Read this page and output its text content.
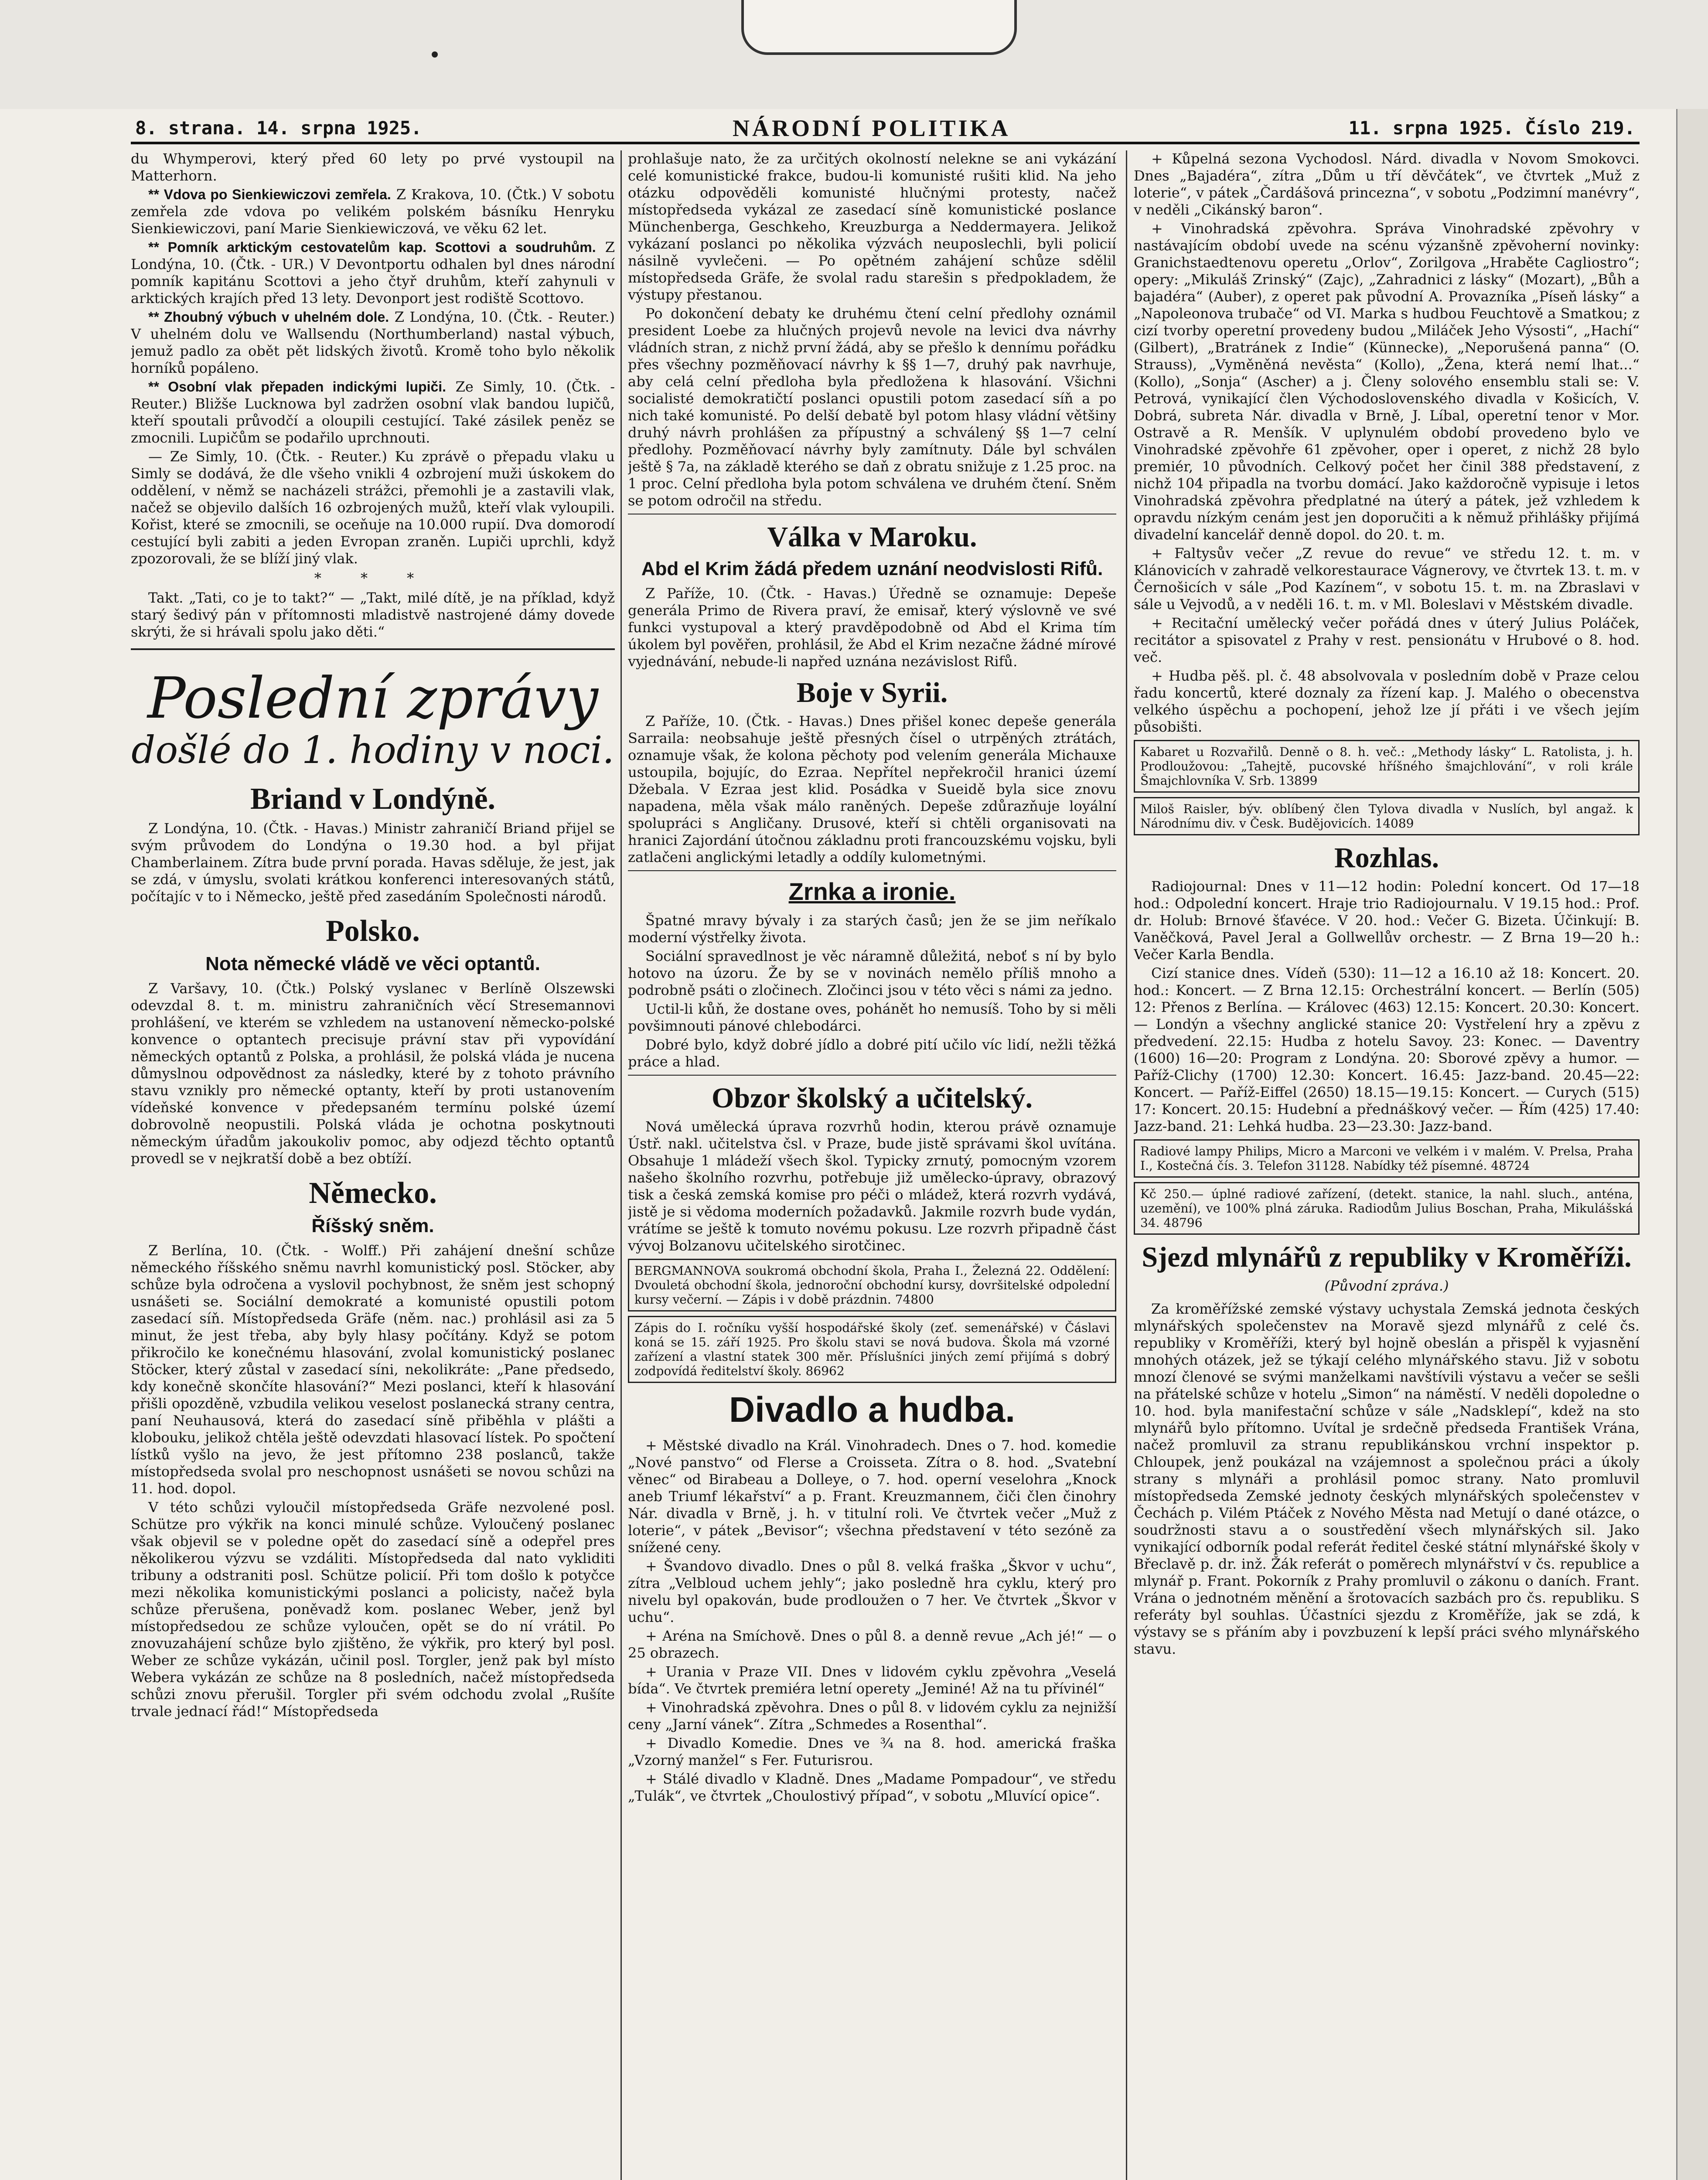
8. strana. 14. srpna 1925.	NÁRODNÍ POLITIKA	11. srpna 1925. Číslo 219.

du Whymperovi, který před 60 lety po prvé vystoupil na Matterhorn.

** Vdova po Sienkiewiczovi zemřela. Z Krakova, 10. (Čtk.) V sobotu zemřela zde vdova po velikém polském básníku Henryku Sienkiewiczovi, paní Marie Sienkiewiczová, ve věku 62 let.

** Pomník arktickým cestovatelům kap. Scottovi a soudruhům. Z Londýna, 10. (Čtk. - UR.) V Devontportu odhalen byl dnes národní pomník kapitánu Scottovi a jeho čtyř druhům, kteří zahynuli v arktických krajích před 13 lety. Devonport jest rodiště Scottovo.

** Zhoubný výbuch v uhelném dole. Z Londýna, 10. (Čtk. - Reuter.) V uhelném dolu ve Wallsendu (Northumberland) nastal výbuch, jemuž padlo za obět pět lidských životů. Kromě toho bylo několik horníků popáleno.

** Osobní vlak přepaden indickými lupiči. Ze Simly, 10. (Čtk. - Reuter.) Bližše Lucknowa byl zadržen osobní vlak bandou lupičů, kteří spoutali průvodčí a oloupili cestující. Také zásilek peněz se zmocnili. Lupičům se podařilo uprchnouti.

— Ze Simly, 10. (Čtk. - Reuter.) Ku zprávě o přepadu vlaku u Simly se dodává, že dle všeho vnikli 4 ozbrojení muži úskokem do oddělení, v němž se nacházeli strážci, přemohli je a zastavili vlak, načež se objevilo dalších 16 ozbrojených mužů, kteří vlak vyloupili. Kořist, které se zmocnili, se oceňuje na 10.000 rupií. Dva domorodí cestující byli zabiti a jeden Evropan zraněn. Lupiči uprchli, když zpozorovali, že se blíží jiný vlak.

* * *

Takt. „Tati, co je to takt?“ — „Takt, milé dítě, je na příklad, když starý šedivý pán v přítomnosti mladistvě nastrojené dámy dovede skrýti, že si hrávali spolu jako děti.“

Poslední zprávy
došlé do 1. hodiny v noci.
Briand v Londýně.

Z Londýna, 10. (Čtk. - Havas.) Ministr zahraničí Briand přijel se svým průvodem do Londýna o 19.30 hod. a byl přijat Chamberlainem. Zítra bude první porada. Havas sděluje, že jest, jak se zdá, v úmyslu, svolati krátkou konferenci interesovaných států, počítajíc v to i Německo, ještě před zasedáním Společnosti národů.

Polsko.
Nota německé vládě ve věci optantů.

Z Varšavy, 10. (Čtk.) Polský vyslanec v Berlíně Olszewski odevzdal 8. t. m. ministru zahraničních věcí Stresemannovi prohlášení, ve kterém se vzhledem na ustanovení německo-polské konvence o optantech precisuje právní stav při vypovídání německých optantů z Polska, a prohlásil, že polská vláda je nucena důmyslnou odpovědnost za následky, které by z tohoto právního stavu vznikly pro německé optanty, kteří by proti ustanovením vídeňské konvence v předepsaném termínu polské území dobrovolně neopustili. Polská vláda je ochotna poskytnouti německým úřadům jakoukoliv pomoc, aby odjezd těchto optantů provedl se v nejkratší době a bez obtíží.

Německo.
Říšský sněm.

Z Berlína, 10. (Čtk. - Wolff.) Při zahájení dnešní schůze německého říšského sněmu navrhl komunistický posl. Stöcker, aby schůze byla odročena a vyslovil pochybnost, že sněm jest schopný usnášeti se. Sociální demokraté a komunisté opustili potom zasedací síň. Místopředseda Gräfe (něm. nac.) prohlásil asi za 5 minut, že jest třeba, aby byly hlasy počítány. Když se potom přikročilo ke konečnému hlasování, zvolal komunistický poslanec Stöcker, který zůstal v zasedací síni, nekolikráte: „Pane předsedo, kdy konečně skončíte hlasování?“ Mezi poslanci, kteří k hlasování přišli opozděně, vzbudila velikou veselost poslanecká strany centra, paní Neuhausová, která do zasedací síně přiběhla v plášti a klobouku, jelikož chtěla ještě odevzdati hlasovací lístek. Po spočtení lístků vyšlo na jevo, že jest přítomno 238 poslanců, takže místopředseda svolal pro neschopnost usnášeti se novou schůzi na 11. hod. dopol.

V této schůzi vyloučil místopředseda Gräfe nezvolené posl. Schütze pro výkřik na konci minulé schůze. Vyloučený poslanec však objevil se v poledne opět do zasedací síně a odepřel pres několikerou výzvu se vzdáliti. Místopředseda dal nato vykliditi tribuny a odstraniti posl. Schütze policií. Při tom došlo k potyčce mezi několika komunistickými poslanci a policisty, načež byla schůze přerušena, poněvadž kom. poslanec Weber, jenž byl místopředsedou ze schůze vyloučen, opět se do ní vrátil. Po znovuzahájení schůze bylo zjištěno, že výkřik, pro který byl posl. Weber ze schůze vykázán, učinil posl. Torgler, jenž pak byl místo Webera vykázán ze schůze na 8 posledních, načež místopředseda schůzi znovu přerušil. Torgler při svém odchodu zvolal „Rušíte trvale jednací řád!“ Místopředseda

prohlašuje nato, že za určitých okolností nelekne se ani vykázání celé komunistické frakce, budou-li komunisté rušiti klid. Na jeho otázku odpověděli komunisté hlučnými protesty, načež místopředseda vykázal ze zasedací síně komunistické poslance Münchenberga, Geschkeho, Kreuzburga a Neddermayera. Jelikož vykázaní poslanci po několika výzvách neuposlechli, byli policií násilně vyvlečeni. — Po opětném zahájení schůze sdělil místopředseda Gräfe, že svolal radu starešin s předpokladem, že výstupy přestanou.

Po dokončení debaty ke druhému čtení celní předlohy oznámil president Loebe za hlučných projevů nevole na levici dva návrhy vládních stran, z nichž první žádá, aby se přešlo k dennímu pořádku přes všechny pozměňovací návrhy k §§ 1—7, druhý pak navrhuje, aby celá celní předloha byla předložena k hlasování. Všichni socialisté demokratičtí poslanci opustili potom zasedací síň a po nich také komunisté. Po delší debatě byl potom hlasy vládní většiny druhý návrh prohlášen za přípustný a schválený §§ 1—7 celní předlohy. Pozměňovací návrhy byly zamítnuty. Dále byl schválen ještě § 7a, na základě kterého se daň z obratu snižuje z 1.25 proc. na 1 proc. Celní předloha byla potom schválena ve druhém čtení. Sněm se potom odročil na středu.

Válka v Maroku.
Abd el Krim žádá předem uznání neodvislosti Rifů.

Z Paříže, 10. (Čtk. - Havas.) Úředně se oznamuje: Depeše generála Primo de Rivera praví, že emisař, který výslovně ve své funkci vystupoval a který pravděpodobně od Abd el Krima tím úkolem byl pověřen, prohlásil, že Abd el Krim nezačne žádné mírové vyjednávání, nebude-li napřed uznána nezávislost Rifů.

Boje v Syrii.

Z Paříže, 10. (Čtk. - Havas.) Dnes přišel konec depeše generála Sarraila: neobsahuje ještě přesných čísel o utrpěných ztrátách, oznamuje však, že kolona pěchoty pod velením generála Michauxe ustoupila, bojujíc, do Ezraa. Nepřítel nepřekročil hranici území Džebala. V Ezraa jest klid. Posádka v Sueidě byla sice znovu napadena, měla však málo raněných. Depeše zdůrazňuje loyální spolupráci s Angličany. Drusové, kteří si chtěli organisovati na hranici Zajordání útočnou základnu proti francouzskému vojsku, byli zatlačeni anglickými letadly a oddíly kulometnými.

Zrnka a ironie.

Špatné mravy bývaly i za starých časů; jen že se jim neříkalo moderní výstřelky života.

Sociální spravedlnost je věc náramně důležitá, neboť s ní by bylo hotovo na úzoru. Že by se v novinách nemělo příliš mnoho a podrobně psáti o zločinech. Zločinci jsou v této věci s námi za jedno.

Uctil-li kůň, že dostane oves, pohánět ho nemusíš. Toho by si měli povšimnouti pánové chlebodárci.

Dobré bylo, když dobré jídlo a dobré pití učilo víc lidí, nežli těžká práce a hlad.

Obzor školský a učitelský.

Nová umělecká úprava rozvrhů hodin, kterou právě oznamuje Ústř. nakl. učitelstva čsl. v Praze, bude jistě správami škol uvítána. Obsahuje 1 mládeží všech škol. Typicky zrnutý, pomocným vzorem našeho školního rozvrhu, potřebuje již umělecko-úpravy, obrazový tisk a česká zemská komise pro péči o mládež, která rozvrh vydává, jistě je si vědoma moderních požadavků. Jakmile rozvrh bude vydán, vrátíme se ještě k tomuto novému pokusu. Lze rozvrh připadně část vývoj Bolzanovu učitelského sirotčinec.

BERGMANNOVA soukromá obchodní škola, Praha I., Železná 22. Oddělení: Dvouletá obchodní škola, jednoroční obchodní kursy, dovršitelské odpolední kursy večerní. — Zápis i v době prázdnin. 74800
Zápis do I. ročníku vyšší hospodářské školy (zeť. semenářské) v Čáslavi koná se 15. září 1925. Pro školu stavi se nová budova. Škola má vzorné zařízení a vlastní statek 300 měr. Příslušníci jiných zemí přijímá s dobrý zodpovídá ředitelství školy. 86962
Divadlo a hudba.

+ Městské divadlo na Král. Vinohradech. Dnes o 7. hod. komedie „Nové panstvo“ od Flerse a Croisseta. Zítra o 8. hod. „Svatební věnec“ od Birabeau a Dolleye, o 7. hod. operní veselohra „Knock aneb Triumf lékařství“ a p. Frant. Kreuzmannem, čiči člen činohry Nár. divadla v Brně, j. h. v titulní roli. Ve čtvrtek večer „Muž z loterie“, v pátek „Bevisor“; všechna představení v této sezóně za snížené ceny.

+ Švandovo divadlo. Dnes o půl 8. velká fraška „Škvor v uchu“, zítra „Velbloud uchem jehly“; jako posledně hra cyklu, který pro nivelu byl opakován, bude prodloužen o 7 her. Ve čtvrtek „Škvor v uchu“.

+ Aréna na Smíchově. Dnes o půl 8. a denně revue „Ach jé!“ — o 25 obrazech.

+ Urania v Praze VII. Dnes v lidovém cyklu zpěvohra „Veselá bída“. Ve čtvrtek premiéra letní operety „Jeminé! Až na tu přívinél“

+ Vinohradská zpěvohra. Dnes o půl 8. v lidovém cyklu za nejnižší ceny „Jarní vánek“. Zítra „Schmedes a Rosenthal“.

+ Divadlo Komedie. Dnes ve ¾ na 8. hod. americká fraška „Vzorný manžel“ s Fer. Futurisrou.

+ Stálé divadlo v Kladně. Dnes „Madame Pompadour“, ve středu „Tulák“, ve čtvrtek „Choulostivý případ“, v sobotu „Mluvící opice“.

+ Kůpelná sezona Vychodosl. Nárd. divadla v Novom Smokovci. Dnes „Bajadéra“, zítra „Dům u tří děvčátek“, ve čtvrtek „Muž z loterie“, v pátek „Čardášová princezna“, v sobotu „Podzimní manévry“, v neděli „Cikánský baron“.

+ Vinohradská zpěvohra. Správa Vinohradské zpěvohry v nastávajícím období uvede na scénu výzanšně zpěvoherní novinky: Granichstaedtenovu operetu „Orlov“, Zorilgova „Hraběte Cagliostro“; opery: „Mikuláš Zrinský“ (Zajc), „Zahradnici z lásky“ (Mozart), „Bůh a bajadéra“ (Auber), z operet pak původní A. Provazníka „Píseň lásky“ a „Napoleonova trubače“ od VI. Marka s hudbou Feuchtově a Smatkou; z cizí tvorby operetní provedeny budou „Miláček Jeho Výsosti“, „Hachí“ (Gilbert), „Bratránek z Indie“ (Künnecke), „Neporušená panna“ (O. Strauss), „Vyměněná nevěsta“ (Kollo), „Žena, která nemí lhat...“ (Kollo), „Sonja“ (Ascher) a j. Členy solového ensemblu stali se: V. Petrová, vynikající člen Východoslovenského divadla v Košicích, V. Dobrá, subreta Nár. divadla v Brně, J. Líbal, operetní tenor v Mor. Ostravě a R. Menšík. V uplynulém období provedeno bylo ve Vinohradské zpěvohře 61 zpěvoher, oper i operet, z nichž 28 bylo premiér, 10 původních. Celkový počet her činil 388 představení, z nichž 104 připadla na tvorbu domácí. Jako každoročně vypisuje i letos Vinohradská zpěvohra předplatné na úterý a pátek, jež vzhledem k opravdu nízkým cenám jest jen doporučiti a k němuž přihlášky přijímá divadelní kancelář denně dopol. do 20. t. m.

+ Faltysův večer „Z revue do revue“ ve středu 12. t. m. v Klánovicích v zahradě velkorestaurace Vágnerovy, ve čtvrtek 13. t. m. v Černošicích v sále „Pod Kazínem“, v sobotu 15. t. m. na Zbraslavi v sále u Vejvodů, a v neděli 16. t. m. v Ml. Boleslavi v Městském divadle.

+ Recitační umělecký večer pořádá dnes v úterý Julius Poláček, recitátor a spisovatel z Prahy v rest. pensionátu v Hrubové o 8. hod. več.

+ Hudba pěš. pl. č. 48 absolvovala v posledním době v Praze celou řadu koncertů, které doznaly za řízení kap. J. Malého o obecenstva velkého úspěchu a pochopení, jehož lze jí přáti i ve všech jejím působišti.

Kabaret u Rozvařilů. Denně o 8. h. več.: „Methody lásky“ L. Ratolista, j. h. Prodloužovou: „Tahejtě, pucovské hříšného šmajchlování“, v roli krále Šmajchlovníka V. Srb. 13899
Miloš Raisler, býv. oblíbený člen Tylova divadla v Nuslích, byl angaž. k Národnímu div. v Česk. Budějovicích. 14089
Rozhlas.

Radiojournal: Dnes v 11—12 hodin: Polední koncert. Od 17—18 hod.: Odpolední koncert. Hraje trio Radiojournalu. V 19.15 hod.: Prof. dr. Holub: Brnové šťavéce. V 20. hod.: Večer G. Bizeta. Účinkují: B. Vaněčková, Pavel Jeral a Gollwellův orchestr. — Z Brna 19—20 h.: Večer Karla Bendla.

Cizí stanice dnes. Vídeň (530): 11—12 a 16.10 až 18: Koncert. 20. hod.: Koncert. — Z Brna 12.15: Orchestrální koncert. — Berlín (505) 12: Přenos z Berlína. — Královec (463) 12.15: Koncert. 20.30: Koncert. — Londýn a všechny anglické stanice 20: Vystřelení hry a zpěvu z předvedení. 22.15: Hudba z hotelu Savoy. 23: Konec. — Daventry (1600) 16—20: Program z Londýna. 20: Sborové zpěvy a humor. — Paříž-Clichy (1700) 12.30: Koncert. 16.45: Jazz-band. 20.45—22: Koncert. — Paříž-Eiffel (2650) 18.15—19.15: Koncert. — Curych (515) 17: Koncert. 20.15: Hudební a přednáškový večer. — Řím (425) 17.40: Jazz-band. 21: Lehká hudba. 23—23.30: Jazz-band.

Radiové lampy Philips, Micro a Marconi ve velkém i v malém. V. Prelsa, Praha I., Kostečná čís. 3. Telefon 31128. Nabídky též písemné. 48724
Kč 250.— úplné radiové zařízení, (detekt. stanice, la nahl. sluch., anténa, uzemění), ve 100% plná záruka. Radiodům Julius Boschan, Praha, Mikulášská 34. 48796
Sjezd mlynářů z republiky v Kroměříži.
(Původní zpráva.)

Za kroměřížské zemské výstavy uchystala Zemská jednota českých mlynářských společenstev na Moravě sjezd mlynářů z celé čs. republiky v Kroměříži, který byl hojně obeslán a přispěl k vyjasnění mnohých otázek, jež se týkají celého mlynářského stavu. Již v sobotu mnozí členové se svými manželkami navštívili výstavu a večer se sešli na přátelské schůze v hotelu „Simon“ na náměstí. V neděli dopoledne o 10. hod. byla manifestační schůze v sále „Nadsklepí“, kdež na sto mlynářů bylo přítomno. Uvítal je srdečně předseda František Vrána, načež promluvil za stranu republikánskou vrchní inspektor p. Chloupek, jenž poukázal na vzájemnost a společnou práci a úkoly strany s mlynáři a prohlásil pomoc strany. Nato promluvil místopředseda Zemské jednoty českých mlynářských společenstev v Čechách p. Vilém Ptáček z Nového Města nad Metují o dané otázce, o soudržnosti stavu a o soustředění všech mlynářských sil. Jako vynikající odborník podal referát ředitel české státní mlynářské školy v Břeclavě p. dr. inž. Žák referát o poměrech mlynářství v čs. republice a mlynář p. Frant. Pokorník z Prahy promluvil o zákonu o daních. Frant. Vrána o jednotném měnění a šrotovacích sazbách pro čs. republiku. S referáty byl souhlas. Účastníci sjezdu z Kroměříže, jak se zdá, k výstavy se s přáním aby i povzbuzení k lepší práci svého mlynářského stavu.
